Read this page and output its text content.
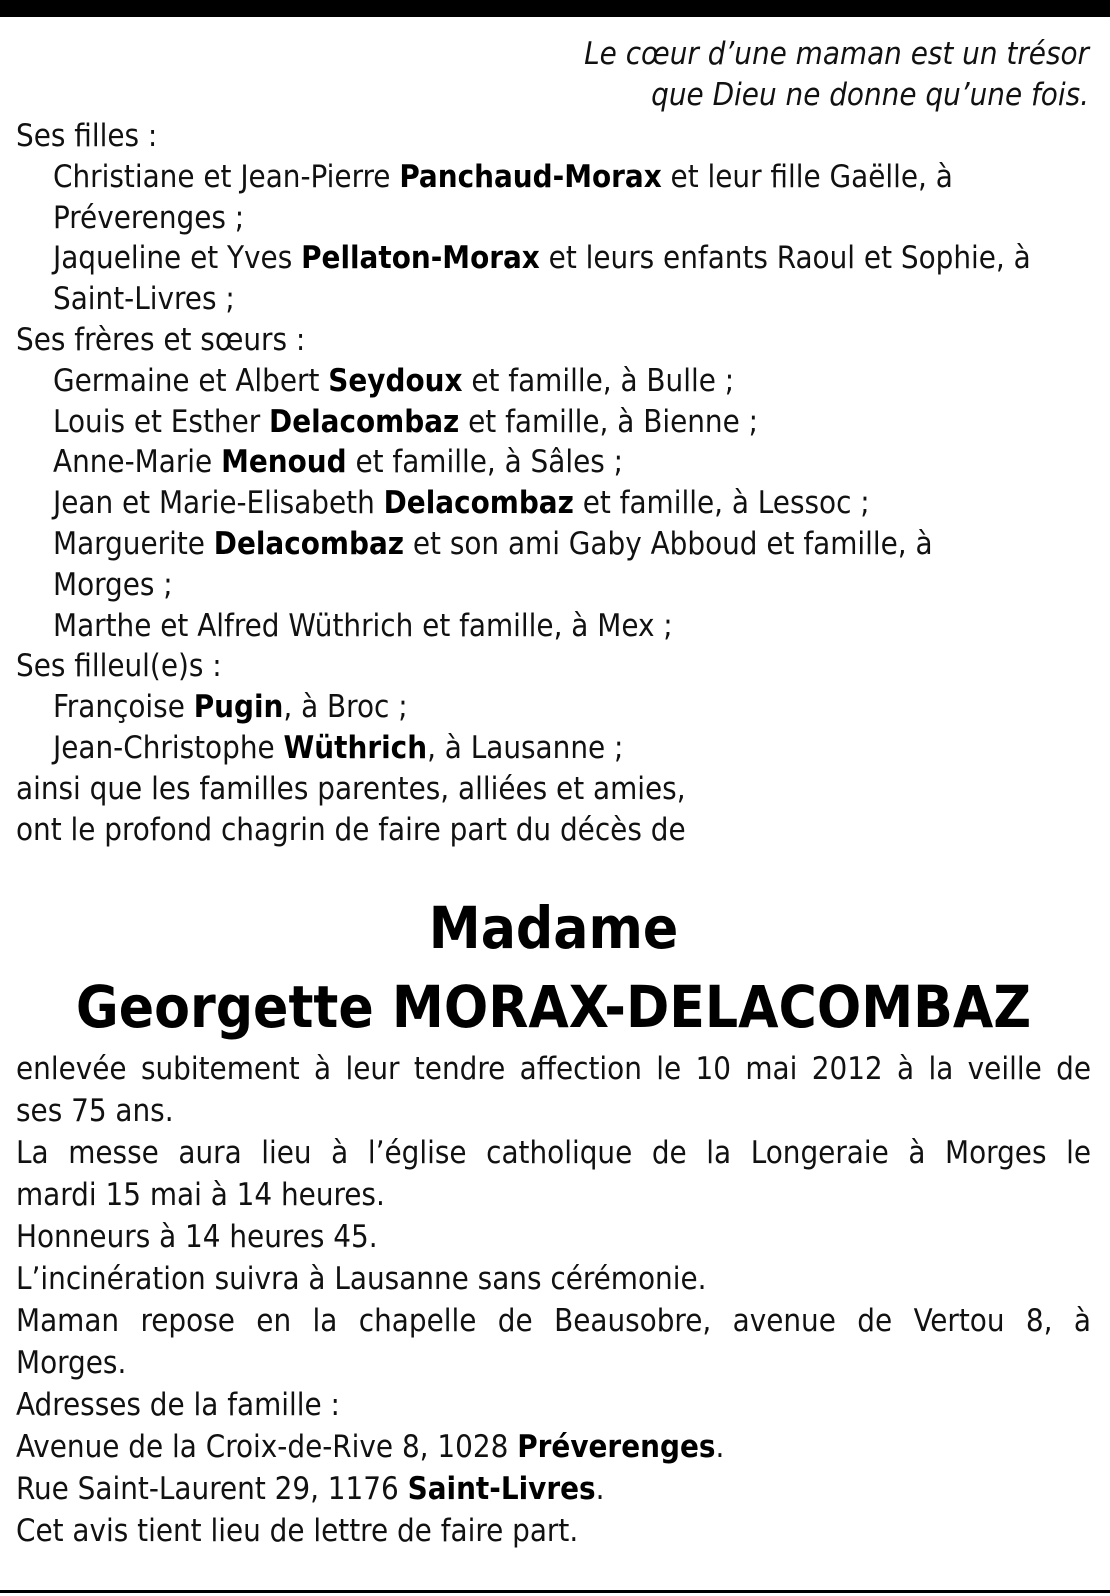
Le cœur d’une maman est un trésor
que Dieu ne donne qu’une fois.
Ses filles :
Christiane et Jean-Pierre Panchaud-Morax et leur fille Gaëlle, à
Préverenges ;
Jaqueline et Yves Pellaton-Morax et leurs enfants Raoul et Sophie, à
Saint-Livres ;
Ses frères et sœurs :
Germaine et Albert Seydoux et famille, à Bulle ;
Louis et Esther Delacombaz et famille, à Bienne ;
Anne-Marie Menoud et famille, à Sâles ;
Jean et Marie-Elisabeth Delacombaz et famille, à Lessoc ;
Marguerite Delacombaz et son ami Gaby Abboud et famille, à
Morges ;
Marthe et Alfred Wüthrich et famille, à Mex ;
Ses filleul(e)s :
Françoise Pugin, à Broc ;
Jean-Christophe Wüthrich, à Lausanne ;
ainsi que les familles parentes, alliées et amies,
ont le profond chagrin de faire part du décès de
Madame
Georgette MORAX-DELACOMBAZ
enlevée subitement à leur tendre affection le 10 mai 2012 à la veille de
ses 75 ans.
La messe aura lieu à l’église catholique de la Longeraie à Morges le
mardi 15 mai à 14 heures.
Honneurs à 14 heures 45.
L’incinération suivra à Lausanne sans cérémonie.
Maman repose en la chapelle de Beausobre, avenue de Vertou 8, à
Morges.
Adresses de la famille :
Avenue de la Croix-de-Rive 8, 1028 Préverenges.
Rue Saint-Laurent 29, 1176 Saint-Livres.
Cet avis tient lieu de lettre de faire part.
